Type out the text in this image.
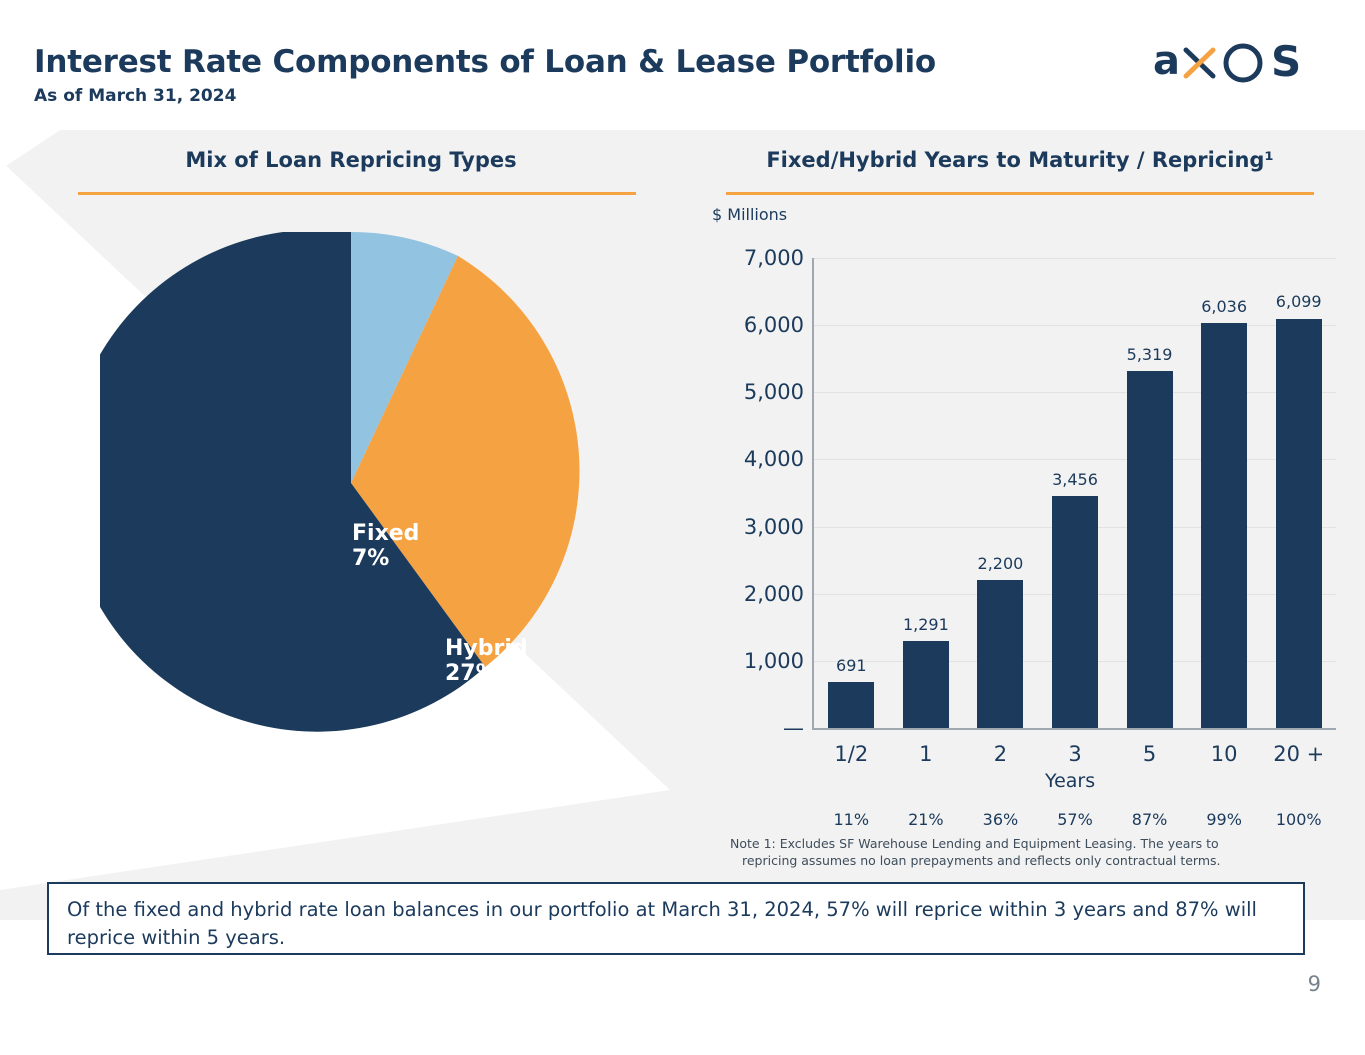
Interest Rate Components of Loan & Lease Portfolio
As of March 31, 2024
a S
Mix of Loan Repricing Types
Fixed
7%
Hybrid
27%
Variable
66%
Fixed/Hybrid Years to Maturity / Repricing¹
$ Millions
—
1,000
2,000
3,000
4,000
5,000
6,000
7,000
691
1/2
11%
1,291
1
21%
2,200
2
36%
3,456
3
57%
5,319
5
87%
6,036
10
99%
6,099
20 +
100%
Years
Note 1: Excludes SF Warehouse Lending and Equipment Leasing. The years to
repricing assumes no loan prepayments and reflects only contractual terms.

Of the fixed and hybrid rate loan balances in our portfolio at March 31, 2024, 57% will reprice within 3 years and 87% will reprice within 5 years.

9
